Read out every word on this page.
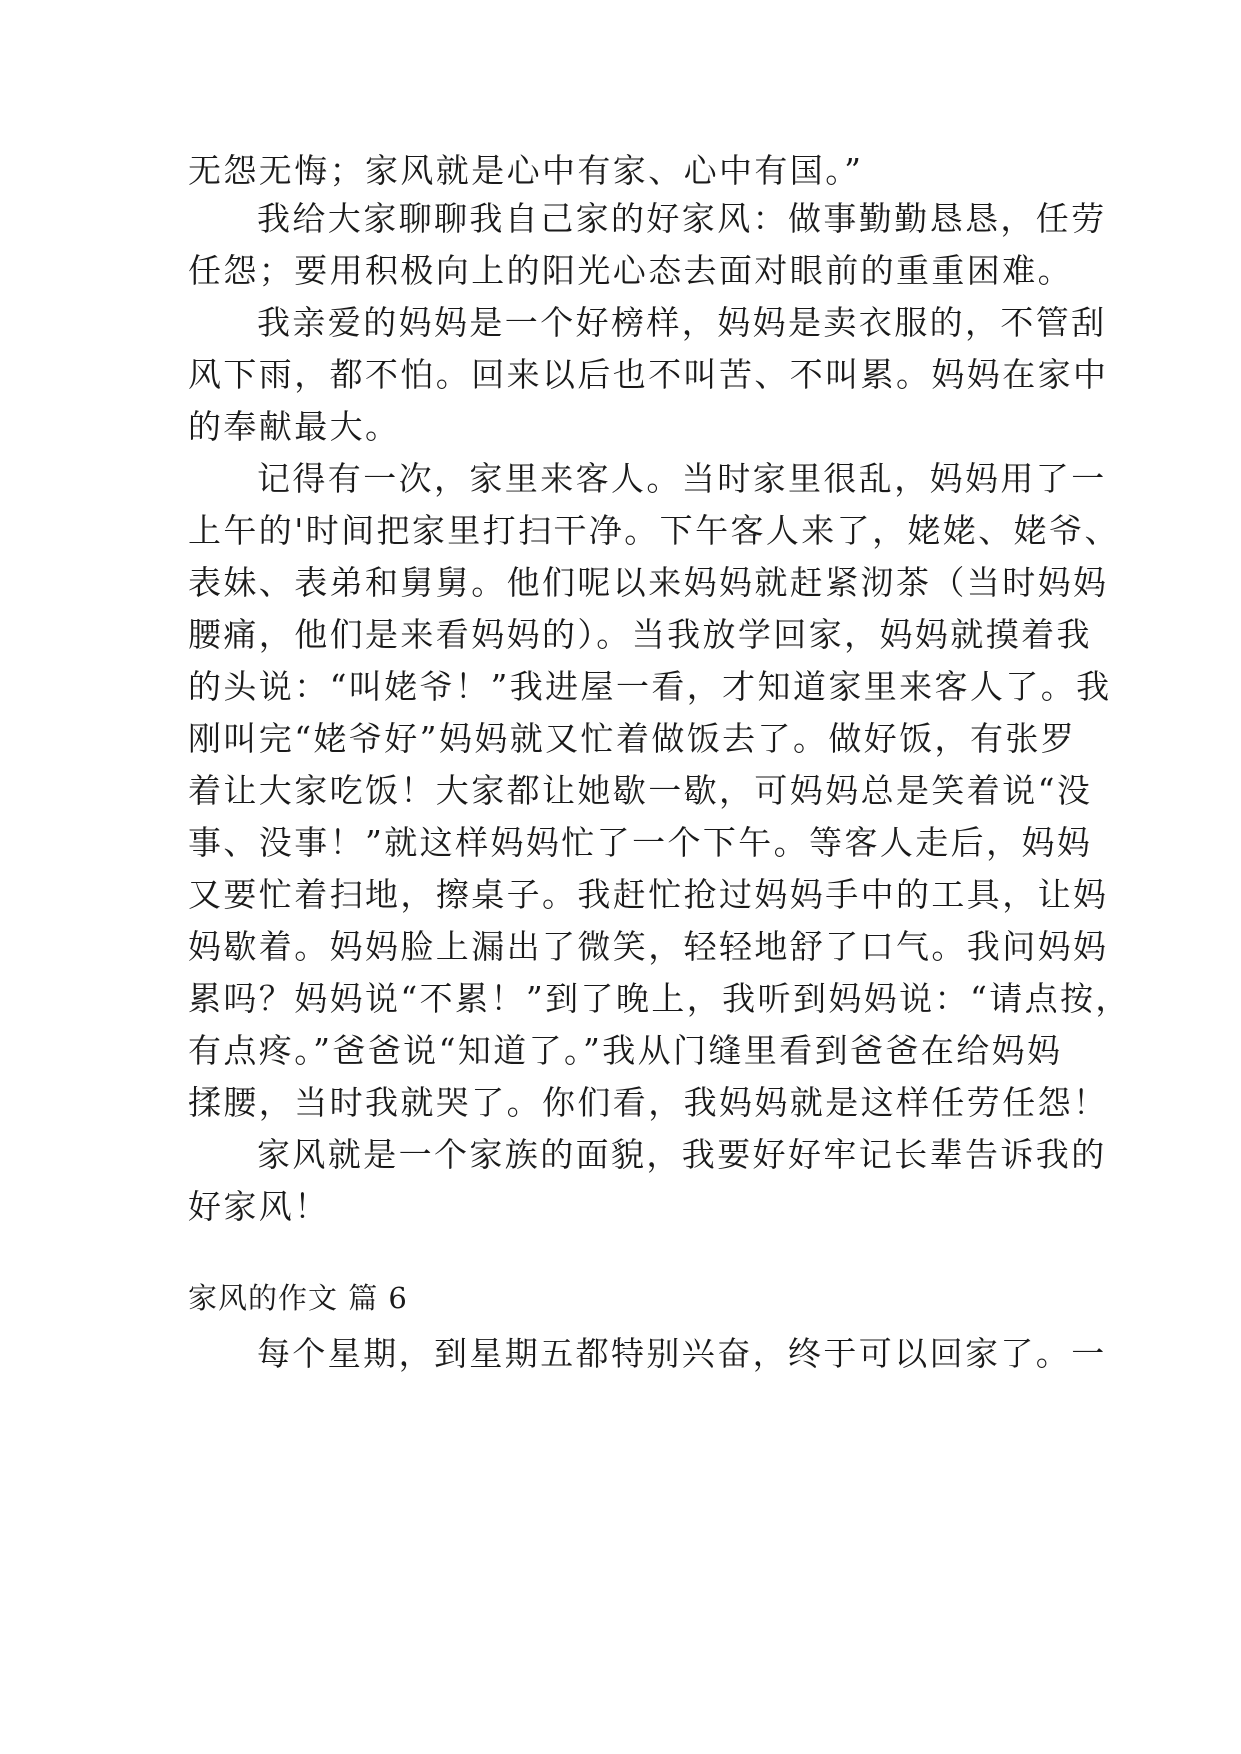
无怨无悔；家风就是心中有家、心中有国。”
我给大家聊聊我自己家的好家风：做事勤勤恳恳，任劳
任怨；要用积极向上的阳光心态去面对眼前的重重困难。
我亲爱的妈妈是一个好榜样，妈妈是卖衣服的，不管刮
风下雨，都不怕。回来以后也不叫苦、不叫累。妈妈在家中
的奉献最大。
记得有一次，家里来客人。当时家里很乱，妈妈用了一
上午的'时间把家里打扫干净。下午客人来了，姥姥、姥爷、
表妹、表弟和舅舅。他们呢以来妈妈就赶紧沏茶（当时妈妈
腰痛，他们是来看妈妈的）。当我放学回家，妈妈就摸着我
的头说：“叫姥爷！”我进屋一看，才知道家里来客人了。我
刚叫完“姥爷好”妈妈就又忙着做饭去了。做好饭，有张罗
着让大家吃饭！大家都让她歇一歇，可妈妈总是笑着说“没
事、没事！”就这样妈妈忙了一个下午。等客人走后，妈妈
又要忙着扫地，擦桌子。我赶忙抢过妈妈手中的工具，让妈
妈歇着。妈妈脸上漏出了微笑，轻轻地舒了口气。我问妈妈
累吗？妈妈说“不累！”到了晚上，我听到妈妈说：“请点按，
有点疼。”爸爸说“知道了。”我从门缝里看到爸爸在给妈妈
揉腰，当时我就哭了。你们看，我妈妈就是这样任劳任怨！
家风就是一个家族的面貌，我要好好牢记长辈告诉我的
好家风！
家风的作文 篇 6
每个星期，到星期五都特别兴奋，终于可以回家了。一
